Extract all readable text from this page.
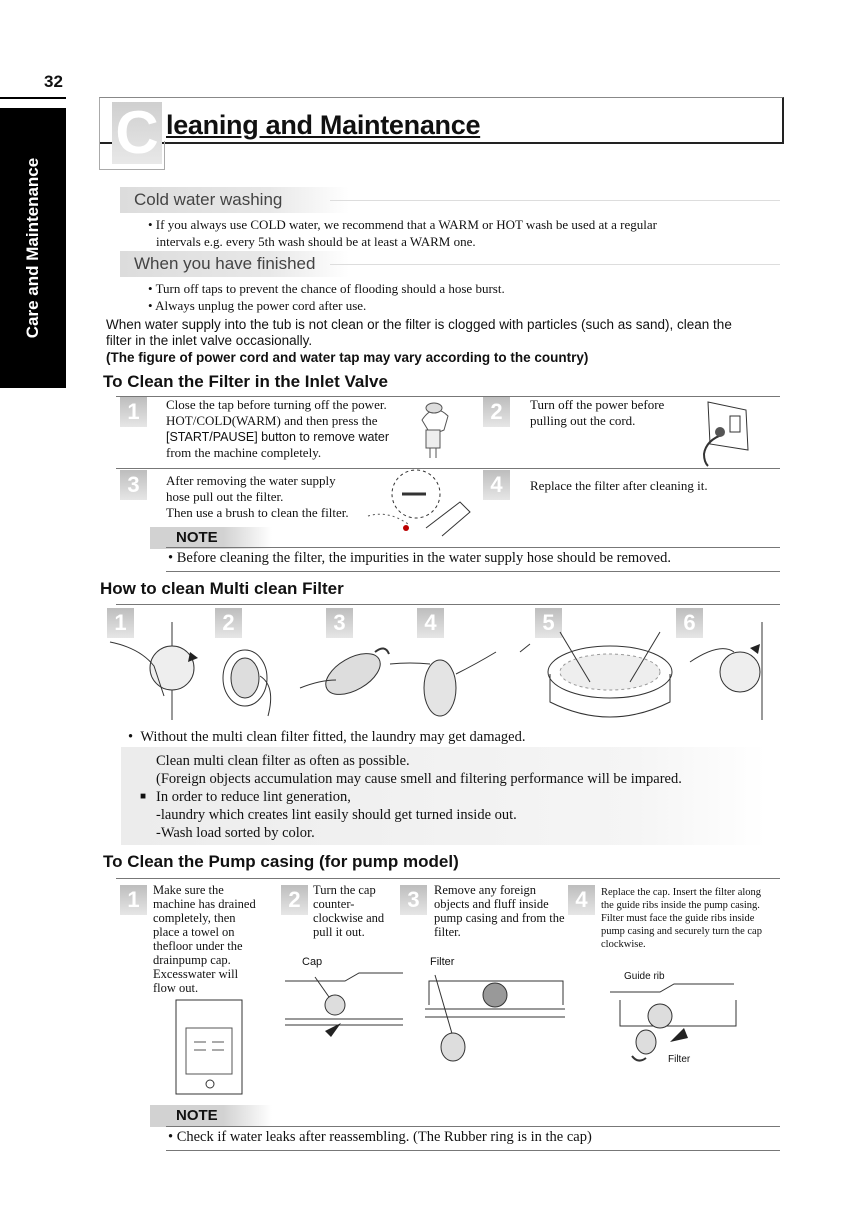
32
Care and Maintenance
C leaning and Maintenance
Cold water washing
• If you always use COLD water, we recommend that a WARM or HOT wash be used at a regular
intervals e.g. every 5th wash should be at least a WARM one.
When you have finished
• Turn off taps to prevent the chance of flooding should a hose burst.
• Always unplug the power cord after use.
When water supply into the tub is not clean or the filter is clogged with particles (such as sand), clean the
filter in the inlet valve occasionally.
(The figure of power cord and water tap may vary according to the country)
To Clean the Filter in the Inlet Valve
1	Close the tap before turning off the power.
HOT/COLD(WARM) and then press the
[START/PAUSE] button to remove water
from the machine completely.
2	Turn off the power before
pulling out the cord.
3	After removing the water supply
hose pull out the filter.
Then use a brush to clean the filter.
4	Replace the filter after cleaning it.
NOTE
• Before cleaning the filter, the impurities in the water supply hose should be removed.
How to clean Multi clean Filter
1	2	3	4	5	6
•  Without the multi clean filter fitted, the laundry may get damaged.
Clean multi clean filter as often as possible.
(Foreign objects accumulation may cause smell and filtering performance will be impared.
■ In order to reduce lint generation,
-laundry which creates lint easily should get turned inside out.
-Wash load sorted by color.
To Clean the Pump casing (for pump model)
1	Make sure the
machine has drained
completely, then
place a towel on
thefloor under the
drainpump cap.
Excesswater will
flow out.
2 Turn the cap
counter-
clockwise and
pull it out.
Cap
3	Remove any foreign
objects and fluff inside
pump casing and from the
filter.
Filter
4	Replace the cap. Insert the filter along
the guide ribs inside the pump casing.
Filter must face the guide ribs inside
pump casing and securely turn the cap
clockwise.
Guide rib
Filter
NOTE
• Check if water leaks after reassembling. (The Rubber ring is in the cap)
